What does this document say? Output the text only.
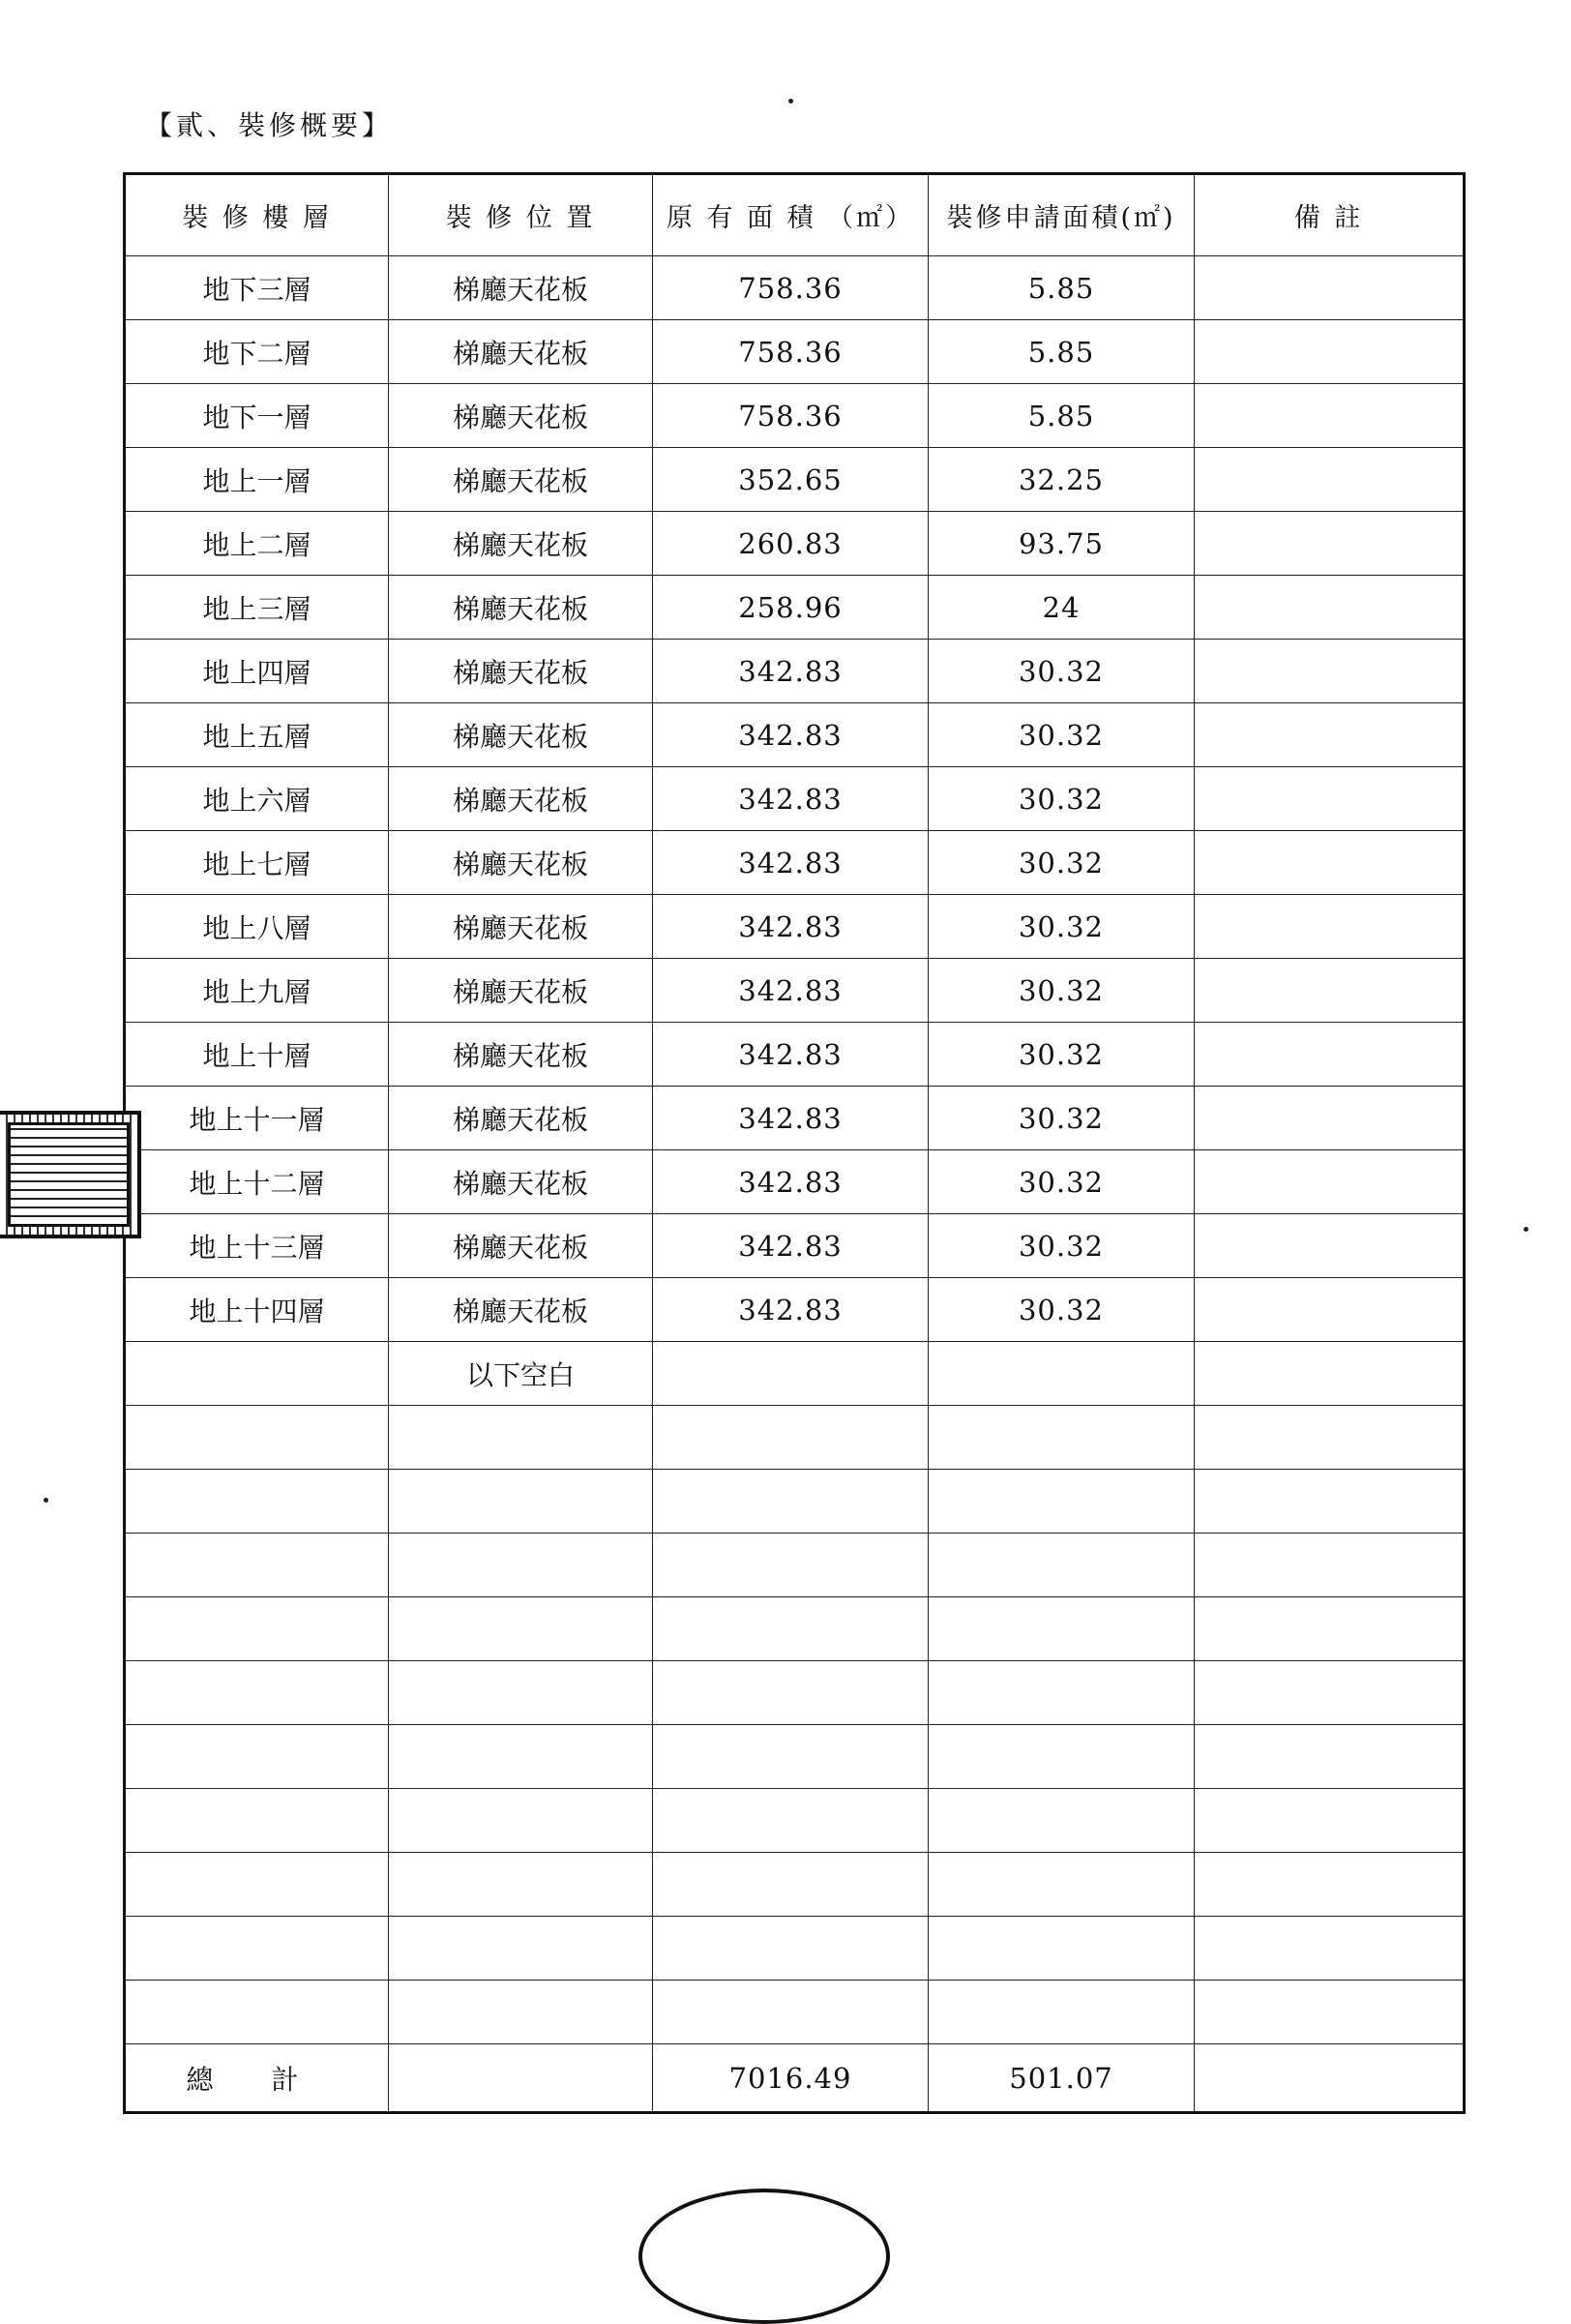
【貳、裝修概要】
裝 修 樓 層	裝 修 位 置	原 有 面 積 （㎡）	裝修申請面積(㎡)	備 註
地下三層	梯廳天花板	758.36	5.85	
地下二層	梯廳天花板	758.36	5.85	
地下一層	梯廳天花板	758.36	5.85	
地上一層	梯廳天花板	352.65	32.25	
地上二層	梯廳天花板	260.83	93.75	
地上三層	梯廳天花板	258.96	24	
地上四層	梯廳天花板	342.83	30.32	
地上五層	梯廳天花板	342.83	30.32	
地上六層	梯廳天花板	342.83	30.32	
地上七層	梯廳天花板	342.83	30.32	
地上八層	梯廳天花板	342.83	30.32	
地上九層	梯廳天花板	342.83	30.32	
地上十層	梯廳天花板	342.83	30.32	
地上十一層	梯廳天花板	342.83	30.32	
地上十二層	梯廳天花板	342.83	30.32	
地上十三層	梯廳天花板	342.83	30.32	
地上十四層	梯廳天花板	342.83	30.32	
	以下空白			

總計		7016.49	501.07	
